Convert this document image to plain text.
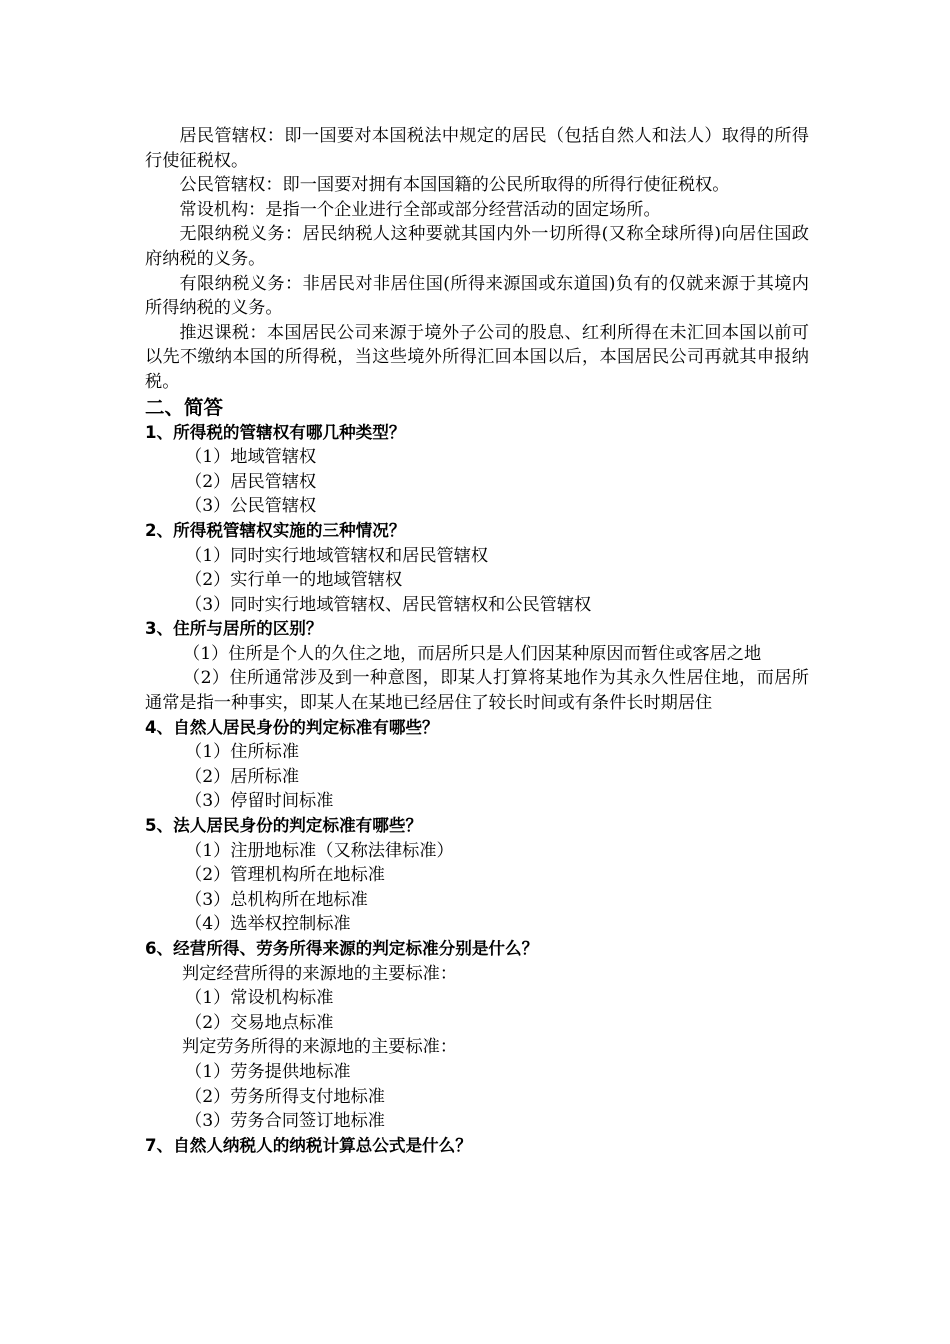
居民管辖权：即一国要对本国税法中规定的居民（包括自然人和法人）取得的所得行使征税权。
公民管辖权：即一国要对拥有本国国籍的公民所取得的所得行使征税权。
常设机构：是指一个企业进行全部或部分经营活动的固定场所。
无限纳税义务：居民纳税人这种要就其国内外一切所得(又称全球所得)向居住国政府纳税的义务。
有限纳税义务：非居民对非居住国(所得来源国或东道国)负有的仅就来源于其境内所得纳税的义务。
推迟课税：本国居民公司来源于境外子公司的股息、红利所得在未汇回本国以前可以先不缴纳本国的所得税，当这些境外所得汇回本国以后，本国居民公司再就其申报纳税。
二、简答
1、所得税的管辖权有哪几种类型？
（1）地域管辖权
（2）居民管辖权
（3）公民管辖权
2、所得税管辖权实施的三种情况？
（1）同时实行地域管辖权和居民管辖权
（2）实行单一的地域管辖权
（3）同时实行地域管辖权、居民管辖权和公民管辖权
3、住所与居所的区别？
（1）住所是个人的久住之地，而居所只是人们因某种原因而暂住或客居之地
（2）住所通常涉及到一种意图，即某人打算将某地作为其永久性居住地，而居所通常是指一种事实，即某人在某地已经居住了较长时间或有条件长时期居住
4、自然人居民身份的判定标准有哪些？
（1）住所标准
（2）居所标准
（3）停留时间标准
5、法人居民身份的判定标准有哪些？
（1）注册地标准（又称法律标准）
（2）管理机构所在地标准
（3）总机构所在地标准
（4）选举权控制标准
6、经营所得、劳务所得来源的判定标准分别是什么？
判定经营所得的来源地的主要标准：
（1）常设机构标准
（2）交易地点标准
判定劳务所得的来源地的主要标准：
（1）劳务提供地标准
（2）劳务所得支付地标准
（3）劳务合同签订地标准
7、自然人纳税人的纳税计算总公式是什么？
